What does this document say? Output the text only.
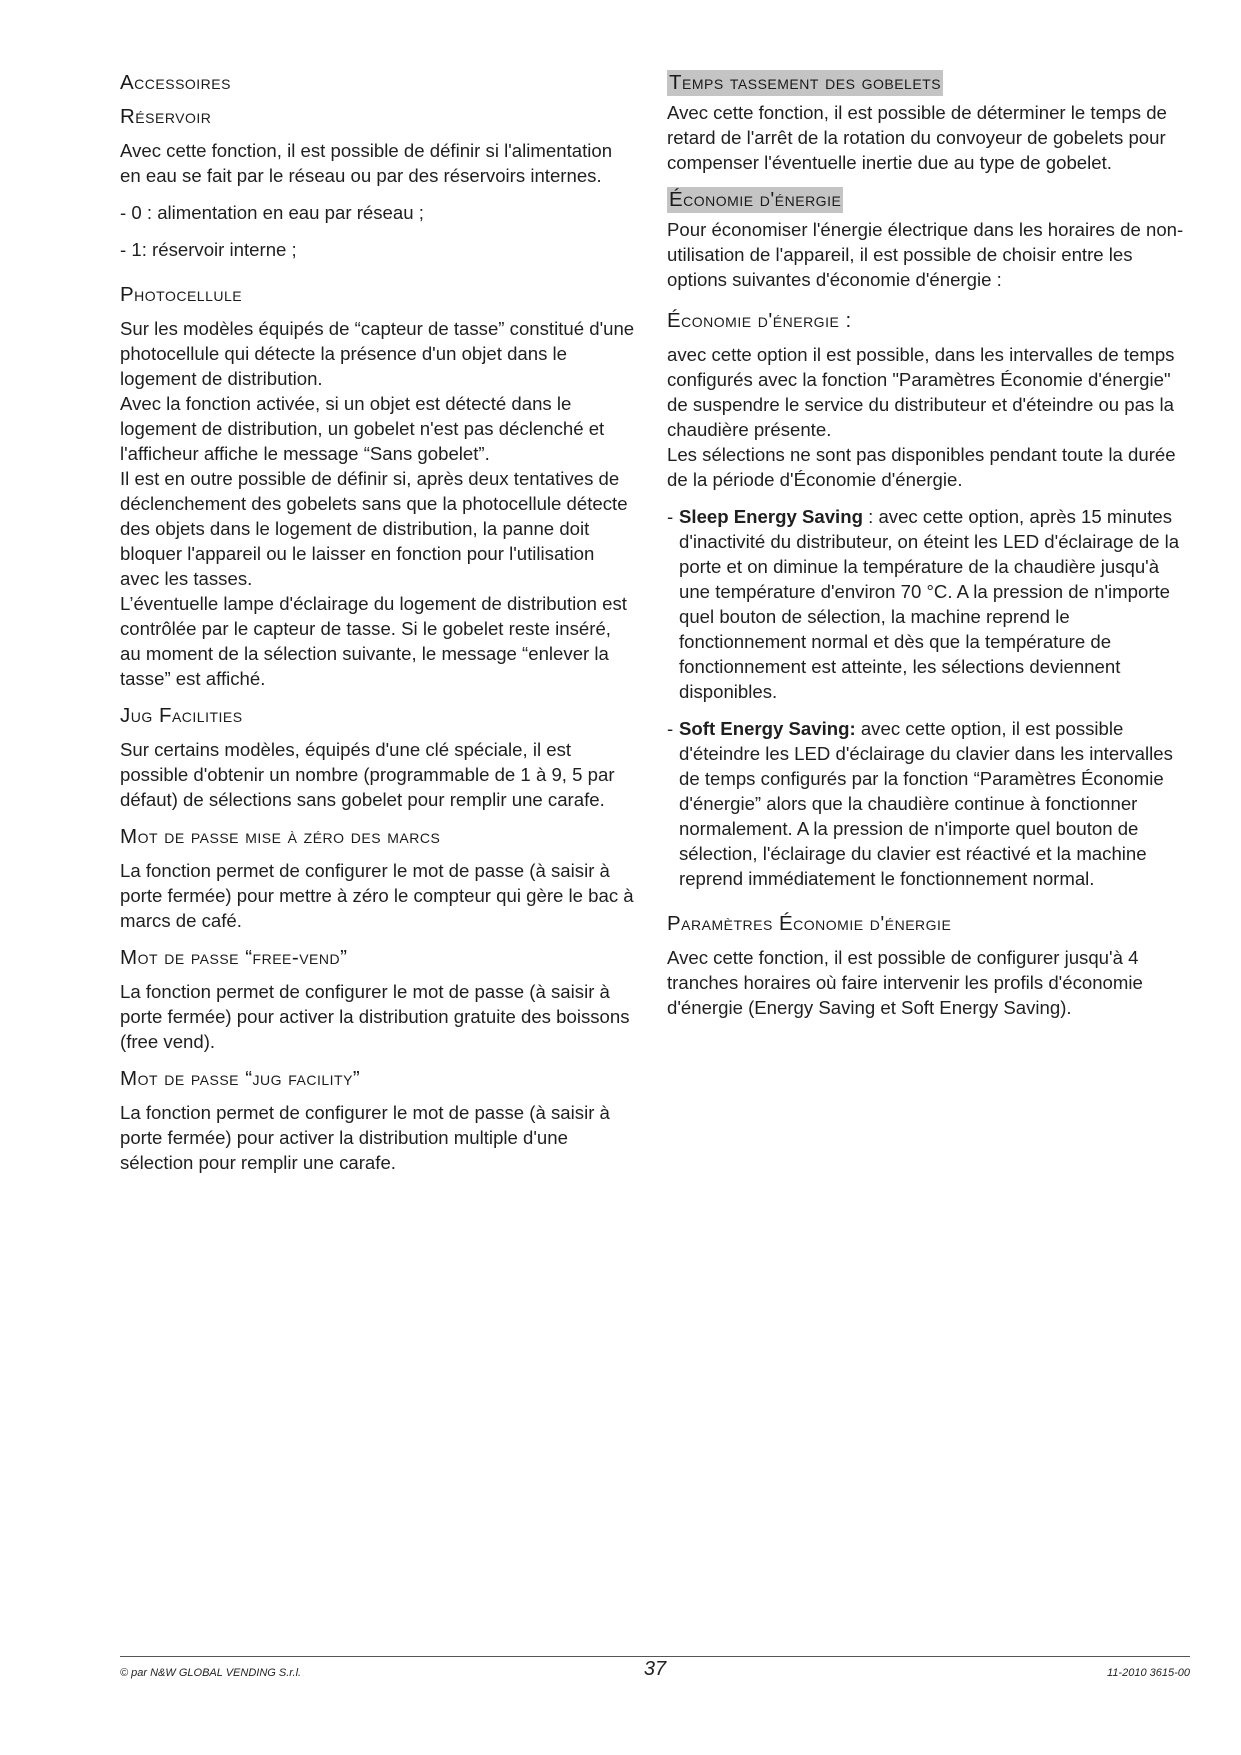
Accessoires
Réservoir

Avec cette fonction, il est possible de définir si l'alimentation en eau se fait par le réseau ou par des réservoirs internes.

- 0 : alimentation en eau par réseau ;

- 1: réservoir interne ;

Photocellule

Sur les modèles équipés de “capteur de tasse” constitué d'une photocellule qui détecte la présence d'un objet dans le logement de distribution.

Avec la fonction activée, si un objet est détecté dans le logement de distribution, un gobelet n'est pas déclenché et l'afficheur affiche le message “Sans gobelet”.

Il est en outre possible de définir si, après deux tentatives de déclenchement des gobelets sans que la photocellule détecte des objets dans le logement de distribution, la panne doit bloquer l'appareil ou le laisser en fonction pour l'utilisation avec les tasses.

L’éventuelle lampe d'éclairage du logement de distribution est contrôlée par le capteur de tasse. Si le gobelet reste inséré, au moment de la sélection suivante, le message “enlever la tasse” est affiché.

Jug Facilities

Sur certains modèles, équipés d'une clé spéciale, il est possible d'obtenir un nombre (programmable de 1 à 9, 5 par défaut) de sélections sans gobelet pour remplir une carafe.

Mot de passe mise à zéro des marcs

La fonction permet de configurer le mot de passe (à saisir à porte fermée) pour mettre à zéro le compteur qui gère le bac à marcs de café.

Mot de passe “free-vend”

La fonction permet de configurer le mot de passe (à saisir à porte fermée) pour activer la distribution gratuite des boissons (free vend).

Mot de passe “jug facility”

La fonction permet de configurer le mot de passe (à saisir à porte fermée) pour activer la distribution multiple d'une sélection pour remplir une carafe.

Temps tassement des gobelets

Avec cette fonction, il est possible de déterminer le temps de retard de l'arrêt de la rotation du convoyeur de gobelets pour compenser l'éventuelle inertie due au type de gobelet.

Économie d'énergie

Pour économiser l'énergie électrique dans les horaires de non-utilisation de l'appareil, il est possible de choisir entre les options suivantes d'économie d'énergie :

Économie d'énergie :

avec cette option il est possible, dans les intervalles de temps configurés avec la fonction "Paramètres Économie d'énergie" de suspendre le service du distributeur et d'éteindre ou pas la chaudière présente.

Les sélections ne sont pas disponibles pendant toute la durée de la période d'Économie d'énergie.

- Sleep Energy Saving : avec cette option, après 15 minutes d'inactivité du distributeur, on éteint les LED d'éclairage de la porte et on diminue la température de la chaudière jusqu'à une température d'environ 70 °C. A la pression de n'importe quel bouton de sélection, la machine reprend le fonctionnement normal et dès que la température de fonctionnement est atteinte, les sélections deviennent disponibles.
- Soft Energy Saving: avec cette option, il est possible d'éteindre les LED d'éclairage du clavier dans les intervalles de temps configurés par la fonction “Paramètres Économie d'énergie” alors que la chaudière continue à fonctionner normalement. A la pression de n'importe quel bouton de sélection, l'éclairage du clavier est réactivé et la machine reprend immédiatement le fonctionnement normal.
Paramètres Économie d'énergie

Avec cette fonction, il est possible de configurer jusqu'à 4 tranches horaires où faire intervenir les profils d'économie d'énergie (Energy Saving et Soft Energy Saving).

© par N&W GLOBAL VENDING S.r.l.	37	11-2010 3615-00
